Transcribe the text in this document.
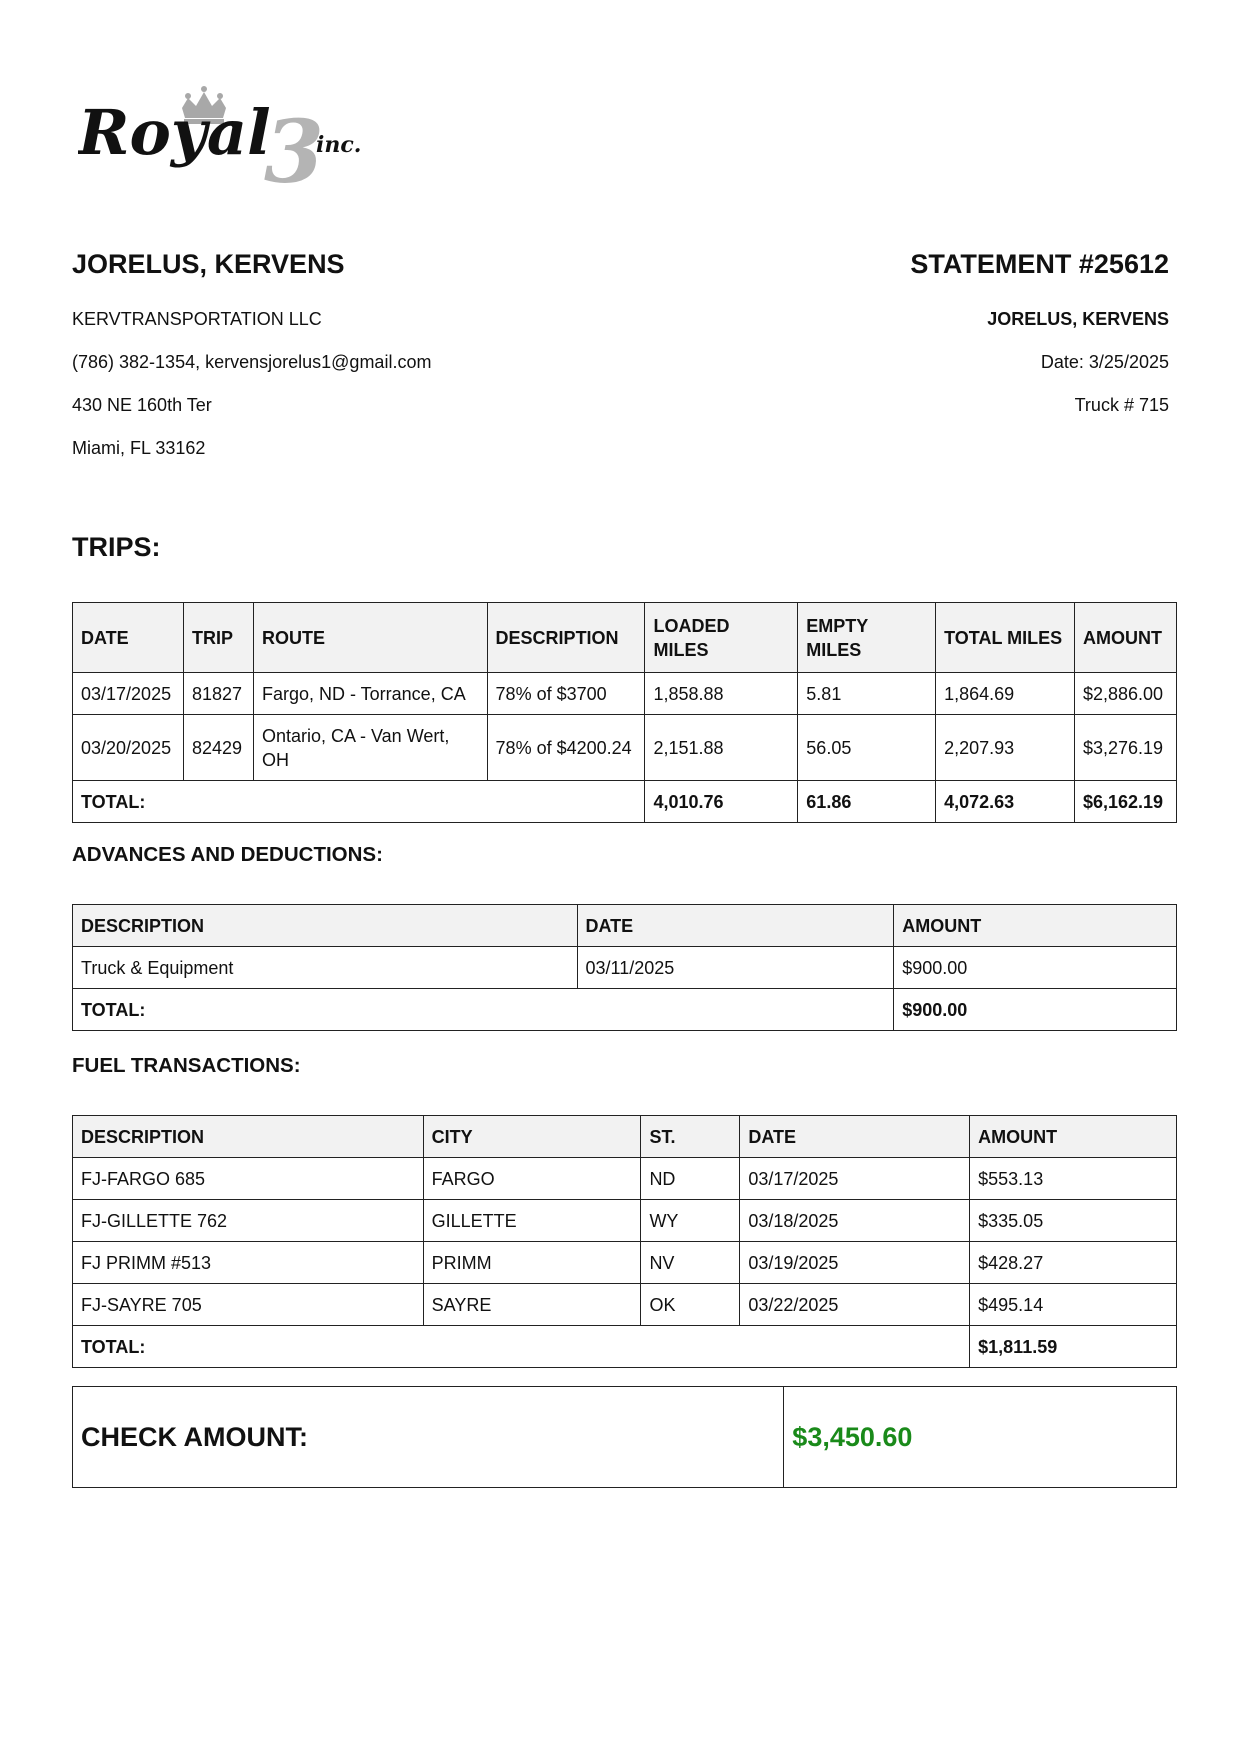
3
Royal inc.
JORELUS, KERVENS

KERVTRANSPORTATION LLC

(786) 382-1354, kervensjorelus1@gmail.com

430 NE 160th Ter

Miami, FL 33162

STATEMENT #25612

JORELUS, KERVENS

Date: 3/25/2025

Truck # 715

TRIPS:
DATE	TRIP	ROUTE	DESCRIPTION	LOADED MILES	EMPTY MILES	TOTAL MILES	AMOUNT
03/17/2025	81827	Fargo, ND - Torrance, CA	78% of $3700	1,858.88	5.81	1,864.69	$2,886.00
03/20/2025	82429	Ontario, CA - Van Wert, OH	78% of $4200.24	2,151.88	56.05	2,207.93	$3,276.19
TOTAL:				4,010.76	61.86	4,072.63	$6,162.19
ADVANCES AND DEDUCTIONS:
DESCRIPTION	DATE	AMOUNT
Truck & Equipment	03/11/2025	$900.00
TOTAL:		$900.00
FUEL TRANSACTIONS:
DESCRIPTION	CITY	ST.	DATE	AMOUNT
FJ-FARGO 685	FARGO	ND	03/17/2025	$553.13
FJ-GILLETTE 762	GILLETTE	WY	03/18/2025	$335.05
FJ PRIMM #513	PRIMM	NV	03/19/2025	$428.27
FJ-SAYRE 705	SAYRE	OK	03/22/2025	$495.14
TOTAL:				$1,811.59
CHECK AMOUNT:	$3,450.60
